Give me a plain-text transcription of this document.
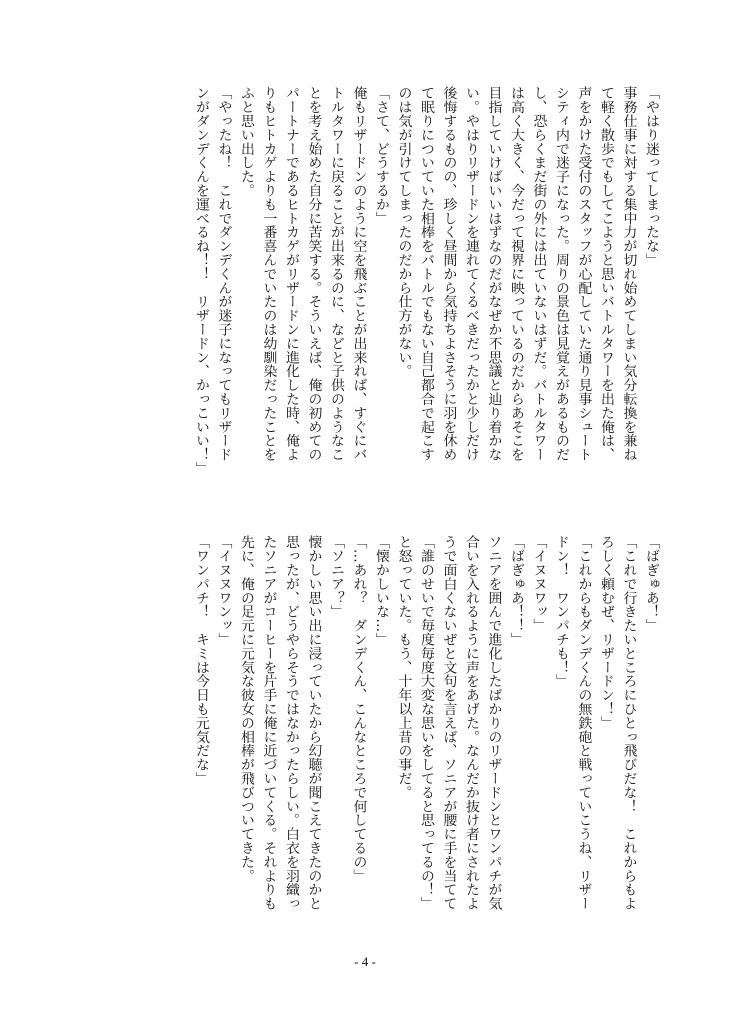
「やはり迷ってしまったな」
事務仕事に対する集中力が切れ始めてしまい気分転換を兼ね
て軽く散歩でもしてこようと思いバトルタワーを出た俺は、
声をかけた受付のスタッフが心配していた通り見事シュート
シティ内で迷子になった。周りの景色は見覚えがあるものだ
し、恐らくまだ街の外には出ていないはずだ。バトルタワー
は高く大きく、今だって視界に映っているのだからあそこを
目指していけばいいはずなのだがなぜか不思議と辿り着かな
い。やはりリザードンを連れてくるべきだったかと少しだけ
後悔するものの、珍しく昼間から気持ちよさそうに羽を休め
て眠りについていた相棒をバトルでもない自己都合で起こす
のは気が引けてしまったのだから仕方がない。
「さて、どうするか」
俺もリザードンのように空を飛ぶことが出来れば、すぐにバ
トルタワーに戻ることが出来るのに、などと子供のようなこ
とを考え始めた自分に苦笑する。そういえば、俺の初めての
パートナーであるヒトカゲがリザードンに進化した時、俺よ
りもヒトカゲよりも一番喜んでいたのは幼馴染だったことを
ふと思い出した。
「やったね！　これでダンデくんが迷子になってもリザード
ンがダンデくんを運べるね！！　リザードン、かっこいい！」
「ばぎゅあ！」
「これで行きたいところにひとっ飛びだな！　これからもよ
ろしく頼むぜ、リザードン！」
「これからもダンデくんの無鉄砲と戦っていこうね、リザー
ドン！　ワンパチも！」
「イヌヌワッ」
「ばぎゅあ！！」
ソニアを囲んで進化したばかりのリザードンとワンパチが気
合いを入れるように声をあげた。なんだか抜け者にされたよ
うで面白くないぜと文句を言えば、ソニアが腰に手を当てて
「誰のせいで毎度毎度大変な思いをしてると思ってるの！」
と怒っていた。もう、十年以上昔の事だ。
「懐かしいな…」
「…あれ？　ダンデくん、こんなところで何してるの」
「ソニア？」
懐かしい思い出に浸っていたから幻聴が聞こえてきたのかと
思ったが、どうやらそうではなかったらしい。白衣を羽織っ
たソニアがコーヒーを片手に俺に近づいてくる。それよりも
先に、俺の足元に元気な彼女の相棒が飛びついてきた。
「イヌヌワンッ」
「ワンパチ！　キミは今日も元気だな」
- 4 -
